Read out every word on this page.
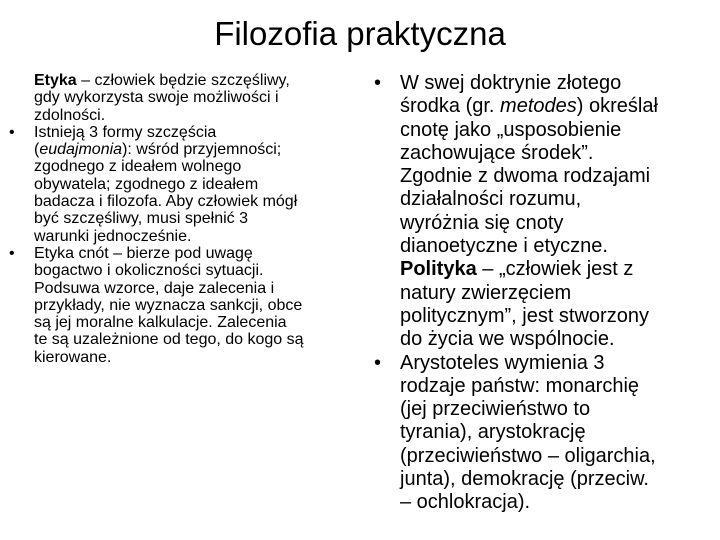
Filozofia praktyczna
Etyka – człowiek będzie szczęśliwy,
gdy wykorzysta swoje możliwości i
zdolności.
• Istnieją 3 formy szczęścia
(eudajmonia): wśród przyjemności;
zgodnego z ideałem wolnego
obywatela; zgodnego z ideałem
badacza i filozofa. Aby człowiek mógł
być szczęśliwy, musi spełnić 3
warunki jednocześnie.
• Etyka cnót – bierze pod uwagę
bogactwo i okoliczności sytuacji.
Podsuwa wzorce, daje zalecenia i
przykłady, nie wyznacza sankcji, obce
są jej moralne kalkulacje. Zalecenia
te są uzależnione od tego, do kogo są
kierowane.
• W swej doktrynie złotego
środka (gr. metodes) określał
cnotę jako „usposobienie
zachowujące środek”.
Zgodnie z dwoma rodzajami
działalności rozumu,
wyróżnia się cnoty
dianoetyczne i etyczne.
Polityka – „człowiek jest z
natury zwierzęciem
politycznym”, jest stworzony
do życia we wspólnocie.
• Arystoteles wymienia 3
rodzaje państw: monarchię
(jej przeciwieństwo to
tyrania), arystokrację
(przeciwieństwo – oligarchia,
junta), demokrację (przeciw.
– ochlokracja).
